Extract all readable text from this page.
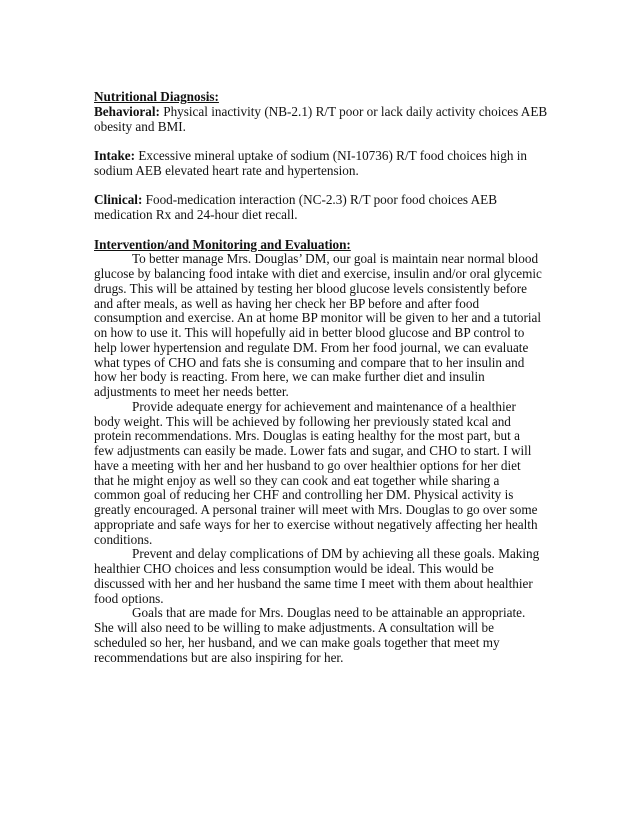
Nutritional Diagnosis:
Behavioral: Physical inactivity (NB-2.1) R/T poor or lack daily activity choices AEB
obesity and BMI.
Intake: Excessive mineral uptake of sodium (NI-10736) R/T food choices high in
sodium AEB elevated heart rate and hypertension.
Clinical: Food-medication interaction (NC-2.3) R/T poor food choices AEB
medication Rx and 24-hour diet recall.
Intervention/and Monitoring and Evaluation:
To better manage Mrs. Douglas’ DM, our goal is maintain near normal blood
glucose by balancing food intake with diet and exercise, insulin and/or oral glycemic
drugs. This will be attained by testing her blood glucose levels consistently before
and after meals, as well as having her check her BP before and after food
consumption and exercise. An at home BP monitor will be given to her and a tutorial
on how to use it. This will hopefully aid in better blood glucose and BP control to
help lower hypertension and regulate DM. From her food journal, we can evaluate
what types of CHO and fats she is consuming and compare that to her insulin and
how her body is reacting. From here, we can make further diet and insulin
adjustments to meet her needs better.
Provide adequate energy for achievement and maintenance of a healthier
body weight. This will be achieved by following her previously stated kcal and
protein recommendations. Mrs. Douglas is eating healthy for the most part, but a
few adjustments can easily be made. Lower fats and sugar, and CHO to start. I will
have a meeting with her and her husband to go over healthier options for her diet
that he might enjoy as well so they can cook and eat together while sharing a
common goal of reducing her CHF and controlling her DM. Physical activity is
greatly encouraged. A personal trainer will meet with Mrs. Douglas to go over some
appropriate and safe ways for her to exercise without negatively affecting her health
conditions.
Prevent and delay complications of DM by achieving all these goals. Making
healthier CHO choices and less consumption would be ideal. This would be
discussed with her and her husband the same time I meet with them about healthier
food options.
Goals that are made for Mrs. Douglas need to be attainable an appropriate.
She will also need to be willing to make adjustments. A consultation will be
scheduled so her, her husband, and we can make goals together that meet my
recommendations but are also inspiring for her.
